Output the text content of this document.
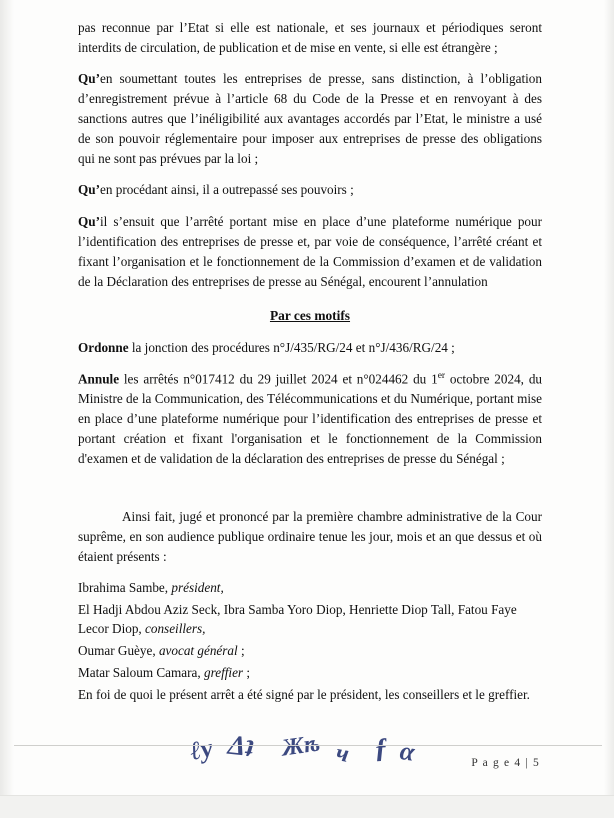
pas reconnue par l’Etat si elle est nationale, et ses journaux et périodiques seront interdits de circulation, de publication et de mise en vente, si elle est étrangère ;

Qu’en soumettant toutes les entreprises de presse, sans distinction, à l’obligation d’enregistrement prévue à l’article 68 du Code de la Presse et en renvoyant à des sanctions autres que l’inéligibilité aux avantages accordés par l’Etat, le ministre a usé de son pouvoir réglementaire pour imposer aux entreprises de presse des obligations qui ne sont pas prévues par la loi ;

Qu’en procédant ainsi, il a outrepassé ses pouvoirs ;

Qu’il s’ensuit que l’arrêté portant mise en place d’une plateforme numérique pour l’identification des entreprises de presse et, par voie de conséquence, l’arrêté créant et fixant l’organisation et le fonctionnement de la Commission d’examen et de validation de la Déclaration des entreprises de presse au Sénégal, encourent l’annulation

Par ces motifs

Ordonne la jonction des procédures n°J/435/RG/24 et n°J/436/RG/24 ;

Annule les arrêtés n°017412 du 29 juillet 2024 et n°024462 du 1er octobre 2024, du Ministre de la Communication, des Télécommunications et du Numérique, portant mise en place d’une plateforme numérique pour l’identification des entreprises de presse et portant création et fixant l'organisation et le fonctionnement de la Commission d'examen et de validation de la déclaration des entreprises de presse du Sénégal ;

Ainsi fait, jugé et prononcé par la première chambre administrative de la Cour suprême, en son audience publique ordinaire tenue les jour, mois et an que dessus et où étaient présents :

Ibrahima Sambe, président,

El Hadji Abdou Aziz Seck, Ibra Samba Yoro Diop, Henriette Diop Tall, Fatou Faye Lecor Diop, conseillers,

Oumar Guèye, avocat général ;

Matar Saloum Camara, greffier ;

En foi de quoi le présent arrêt a été signé par le président, les conseillers et le greffier.

ℓу Δʇ Жѣ ч ƒ α	P a g e 4 | 5
